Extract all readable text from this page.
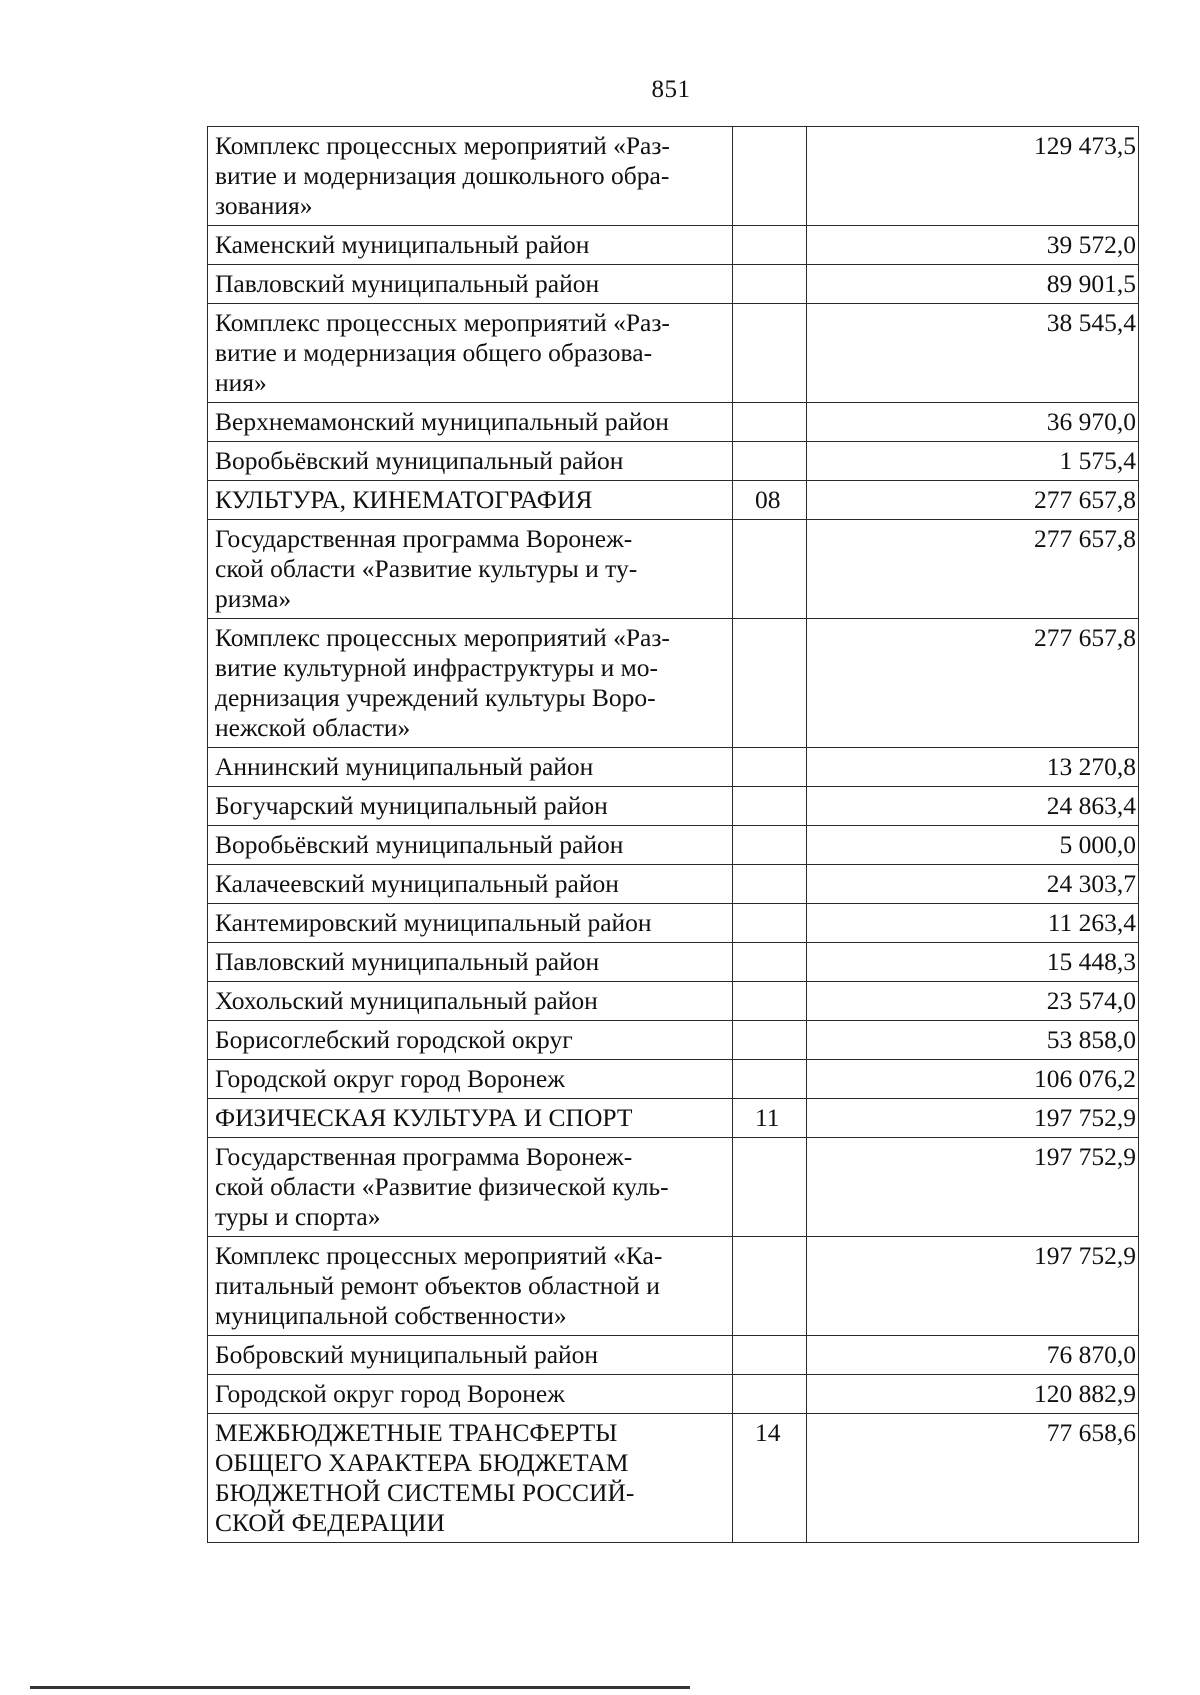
851
Комплекс процессных мероприятий «Раз-
витие и модернизация дошкольного обра-
зования»		129 473,5
Каменский муниципальный район		39 572,0
Павловский муниципальный район		89 901,5
Комплекс процессных мероприятий «Раз-
витие и модернизация общего образова-
ния»		38 545,4
Верхнемамонский муниципальный район		36 970,0
Воробьёвский муниципальный район		1 575,4
КУЛЬТУРА, КИНЕМАТОГРАФИЯ	08	277 657,8
Государственная программа Воронеж-
ской области «Развитие культуры и ту-
ризма»		277 657,8
Комплекс процессных мероприятий «Раз-
витие культурной инфраструктуры и мо-
дернизация учреждений культуры Воро-
нежской области»		277 657,8
Аннинский муниципальный район		13 270,8
Богучарский муниципальный район		24 863,4
Воробьёвский муниципальный район		5 000,0
Калачеевский муниципальный район		24 303,7
Кантемировский муниципальный район		11 263,4
Павловский муниципальный район		15 448,3
Хохольский муниципальный район		23 574,0
Борисоглебский городской округ		53 858,0
Городской округ город Воронеж		106 076,2
ФИЗИЧЕСКАЯ КУЛЬТУРА И СПОРТ	11	197 752,9
Государственная программа Воронеж-
ской области «Развитие физической куль-
туры и спорта»		197 752,9
Комплекс процессных мероприятий «Ка-
питальный ремонт объектов областной и
муниципальной собственности»		197 752,9
Бобровский муниципальный район		76 870,0
Городской округ город Воронеж		120 882,9
МЕЖБЮДЖЕТНЫЕ ТРАНСФЕРТЫ
ОБЩЕГО ХАРАКТЕРА БЮДЖЕТАМ
БЮДЖЕТНОЙ СИСТЕМЫ РОССИЙ-
СКОЙ ФЕДЕРАЦИИ	14	77 658,6
